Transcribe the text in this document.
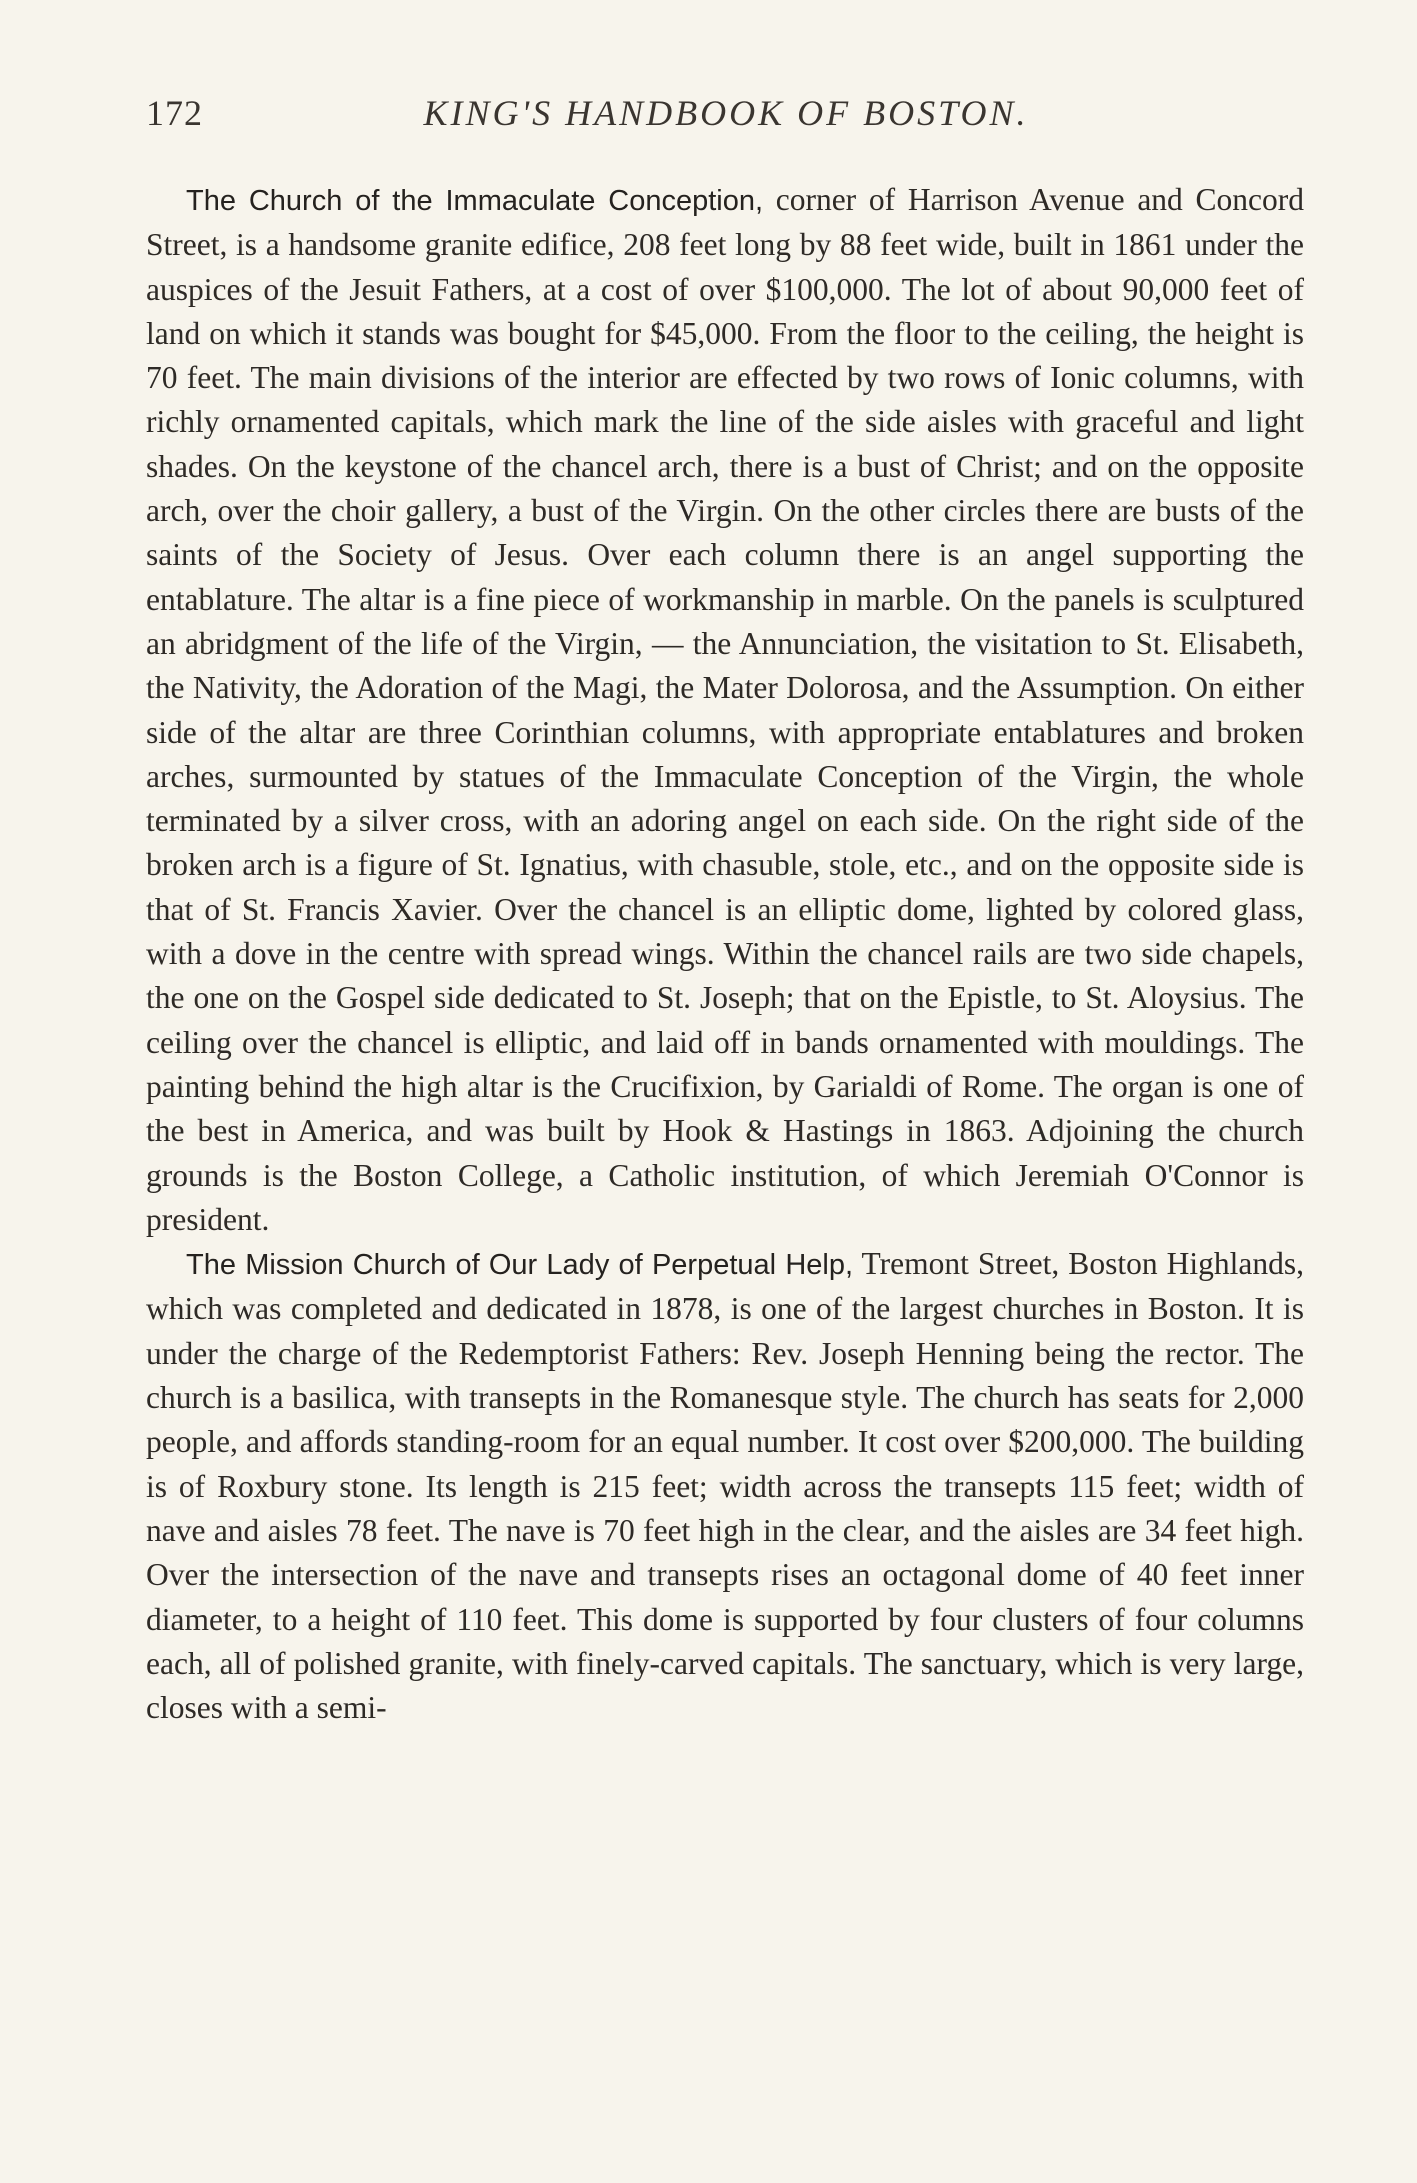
172	KING'S HANDBOOK OF BOSTON.

The Church of the Immaculate Conception, corner of Harrison Avenue and Concord Street, is a handsome granite edifice, 208 feet long by 88 feet wide, built in 1861 under the auspices of the Jesuit Fathers, at a cost of over $100,000. The lot of about 90,000 feet of land on which it stands was bought for $45,000. From the floor to the ceiling, the height is 70 feet. The main divisions of the interior are effected by two rows of Ionic columns, with richly ornamented capitals, which mark the line of the side aisles with graceful and light shades. On the keystone of the chancel arch, there is a bust of Christ; and on the opposite arch, over the choir gallery, a bust of the Virgin. On the other circles there are busts of the saints of the Society of Jesus. Over each column there is an angel supporting the entablature. The altar is a fine piece of workmanship in marble. On the panels is sculptured an abridgment of the life of the Virgin, — the Annunciation, the visitation to St. Elisabeth, the Nativity, the Adoration of the Magi, the Mater Dolorosa, and the Assumption. On either side of the altar are three Corinthian columns, with appropriate entablatures and broken arches, surmounted by statues of the Immaculate Conception of the Virgin, the whole terminated by a silver cross, with an adoring angel on each side. On the right side of the broken arch is a figure of St. Ignatius, with chasuble, stole, etc., and on the opposite side is that of St. Francis Xavier. Over the chancel is an elliptic dome, lighted by colored glass, with a dove in the centre with spread wings. Within the chancel rails are two side chapels, the one on the Gospel side dedicated to St. Joseph; that on the Epistle, to St. Aloysius. The ceiling over the chancel is elliptic, and laid off in bands ornamented with mouldings. The painting behind the high altar is the Crucifixion, by Garialdi of Rome. The organ is one of the best in America, and was built by Hook & Hastings in 1863. Adjoining the church grounds is the Boston College, a Catholic institution, of which Jeremiah O'Connor is president.

The Mission Church of Our Lady of Perpetual Help, Tremont Street, Boston Highlands, which was completed and dedicated in 1878, is one of the largest churches in Boston. It is under the charge of the Redemptorist Fathers: Rev. Joseph Henning being the rector. The church is a basilica, with transepts in the Romanesque style. The church has seats for 2,000 people, and affords standing-room for an equal number. It cost over $200,000. The building is of Roxbury stone. Its length is 215 feet; width across the transepts 115 feet; width of nave and aisles 78 feet. The nave is 70 feet high in the clear, and the aisles are 34 feet high. Over the intersection of the nave and transepts rises an octagonal dome of 40 feet inner diameter, to a height of 110 feet. This dome is supported by four clusters of four columns each, all of polished granite, with finely-carved capitals. The sanctuary, which is very large, closes with a semi-
